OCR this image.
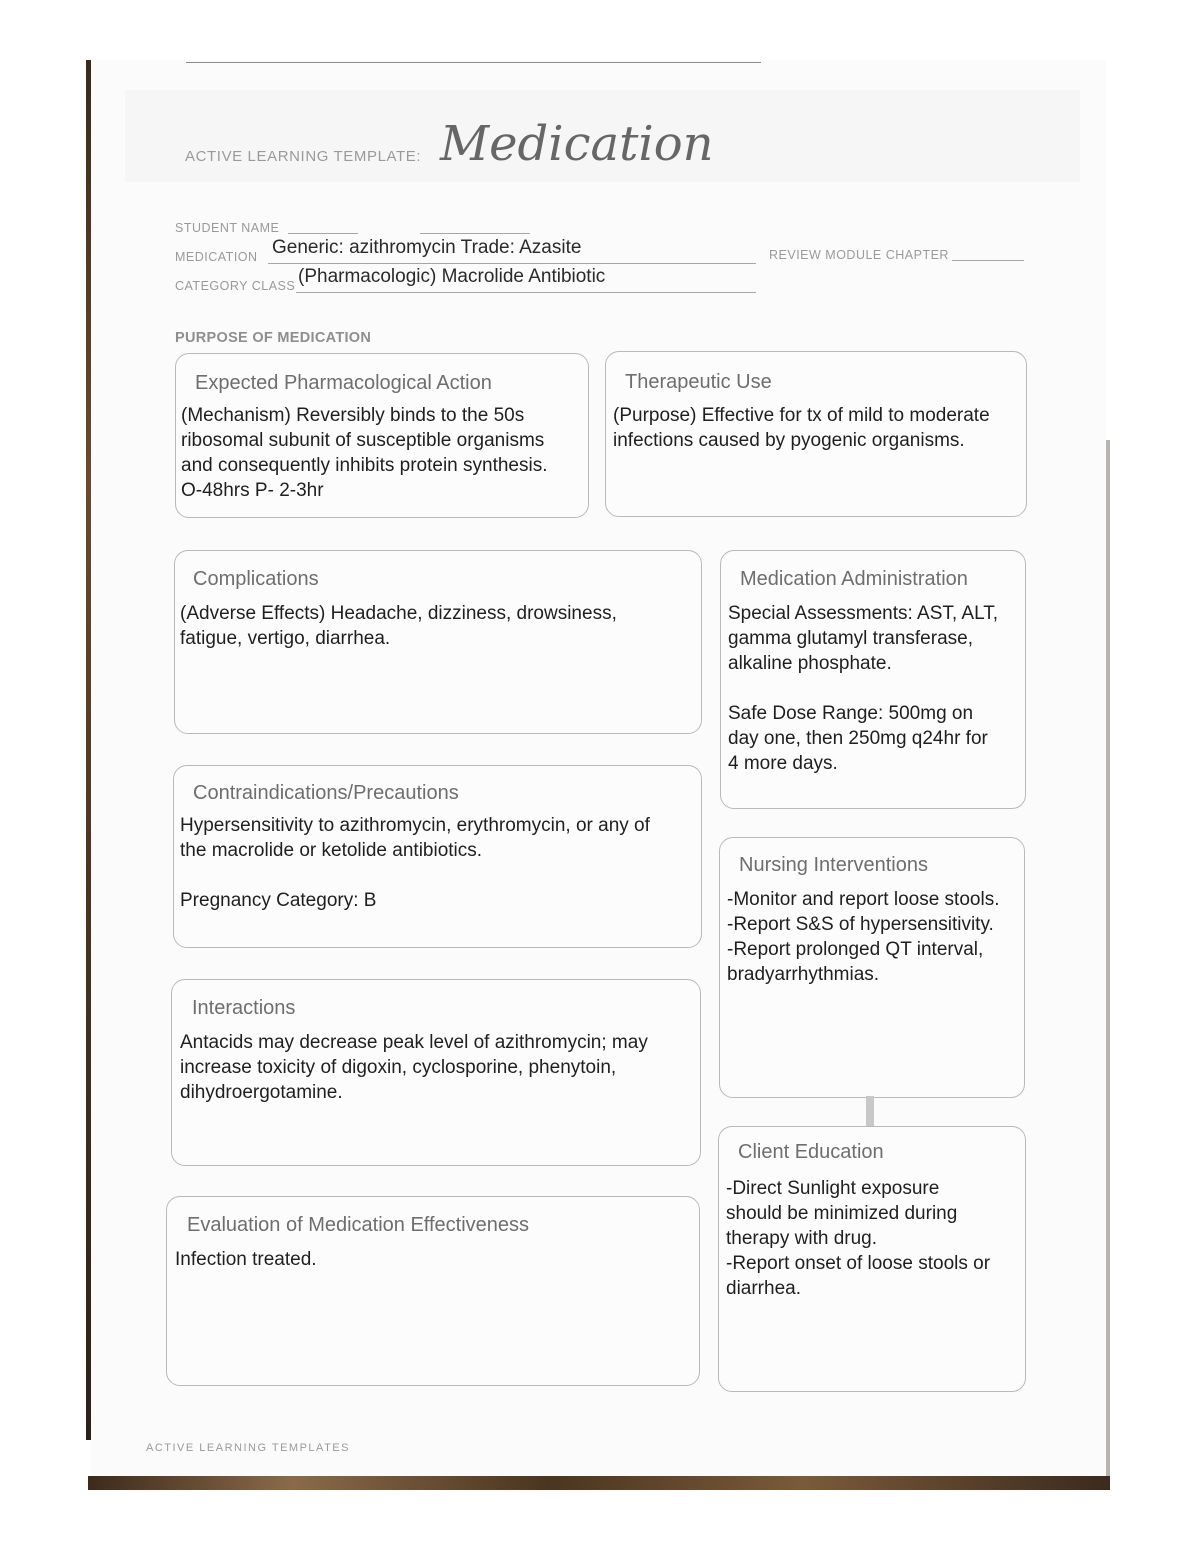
ACTIVE LEARNING TEMPLATE: Medication
STUDENT NAME
MEDICATION Generic: azithromycin Trade: Azasite	REVIEW MODULE CHAPTER
CATEGORY CLASS (Pharmacologic) Macrolide Antibiotic
PURPOSE OF MEDICATION
Expected Pharmacological Action
(Mechanism) Reversibly binds to the 50s
ribosomal subunit of susceptible organisms
and consequently inhibits protein synthesis.
O-48hrs P- 2-3hr
Therapeutic Use
(Purpose) Effective for tx of mild to moderate
infections caused by pyogenic organisms.
Complications
(Adverse Effects) Headache, dizziness, drowsiness,
fatigue, vertigo, diarrhea.
Medication Administration
Special Assessments: AST, ALT,
gamma glutamyl transferase,
alkaline phosphate.

Safe Dose Range: 500mg on
day one, then 250mg q24hr for
4 more days.
Contraindications/Precautions
Hypersensitivity to azithromycin, erythromycin, or any of
the macrolide or ketolide antibiotics.

Pregnancy Category: B
Nursing Interventions
-Monitor and report loose stools.
-Report S&S of hypersensitivity.
-Report prolonged QT interval,
bradyarrhythmias.
Interactions
Antacids may decrease peak level of azithromycin; may
increase toxicity of digoxin, cyclosporine, phenytoin,
dihydroergotamine.
Client Education
-Direct Sunlight exposure
should be minimized during
therapy with drug.
-Report onset of loose stools or
diarrhea.
Evaluation of Medication Effectiveness
Infection treated.
ACTIVE LEARNING TEMPLATES
